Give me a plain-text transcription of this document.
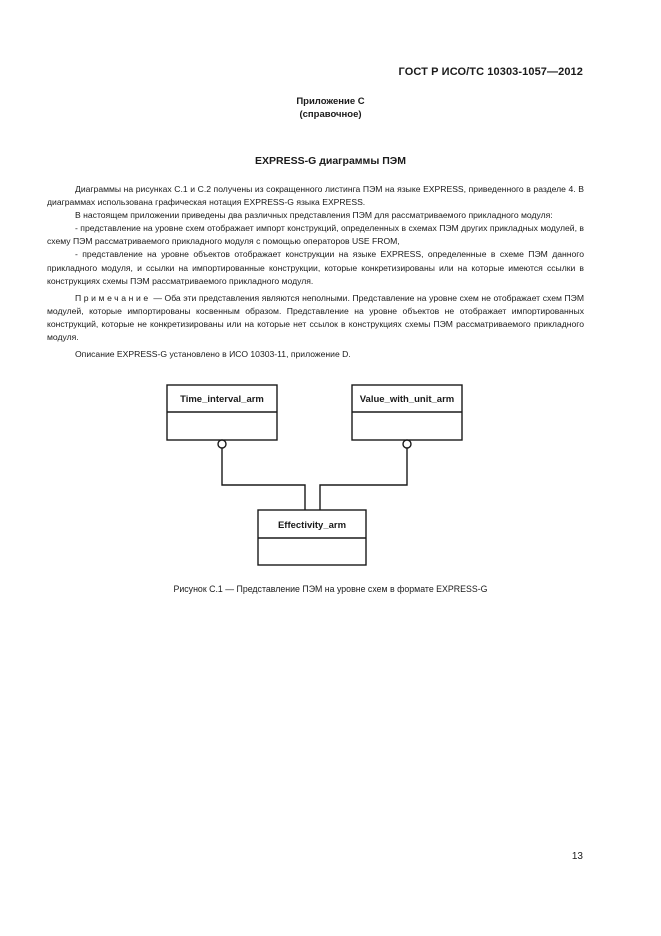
ГОСТ Р ИСО/ТС 10303-1057—2012
Приложение С
(справочное)
EXPRESS-G диаграммы ПЭМ

Диаграммы на рисунках С.1 и С.2 получены из сокращенного листинга ПЭМ на языке EXPRESS, приведенного в разделе 4. В диаграммах использована графическая нотация EXPRESS-G языка EXPRESS.

В настоящем приложении приведены два различных представления ПЭМ для рассматриваемого прикладного модуля:

- представление на уровне схем отображает импорт конструкций, определенных в схемах ПЭМ других прикладных модулей, в схему ПЭМ рассматриваемого прикладного модуля с помощью операторов USE FROM,

- представление на уровне объектов отображает конструкции на языке EXPRESS, определенные в схеме ПЭМ данного прикладного модуля, и ссылки на импортированные конструкции, которые конкретизированы или на которые имеются ссылки в конструкциях схемы ПЭМ рассматриваемого прикладного модуля.

Примечание — Оба эти представления являются неполными. Представление на уровне схем не отображает схем ПЭМ модулей, которые импортированы косвенным образом. Представление на уровне объектов не отображает импортированных конструкций, которые не конкретизированы или на которые нет ссылок в конструкциях схемы ПЭМ рассматриваемого прикладного модуля.

Описание EXPRESS-G установлено в ИСО 10303-11, приложение D.

Time_interval_arm	Value_with_unit_arm
Effectivity_arm
Рисунок С.1 — Представление ПЭМ на уровне схем в формате EXPRESS-G
13
